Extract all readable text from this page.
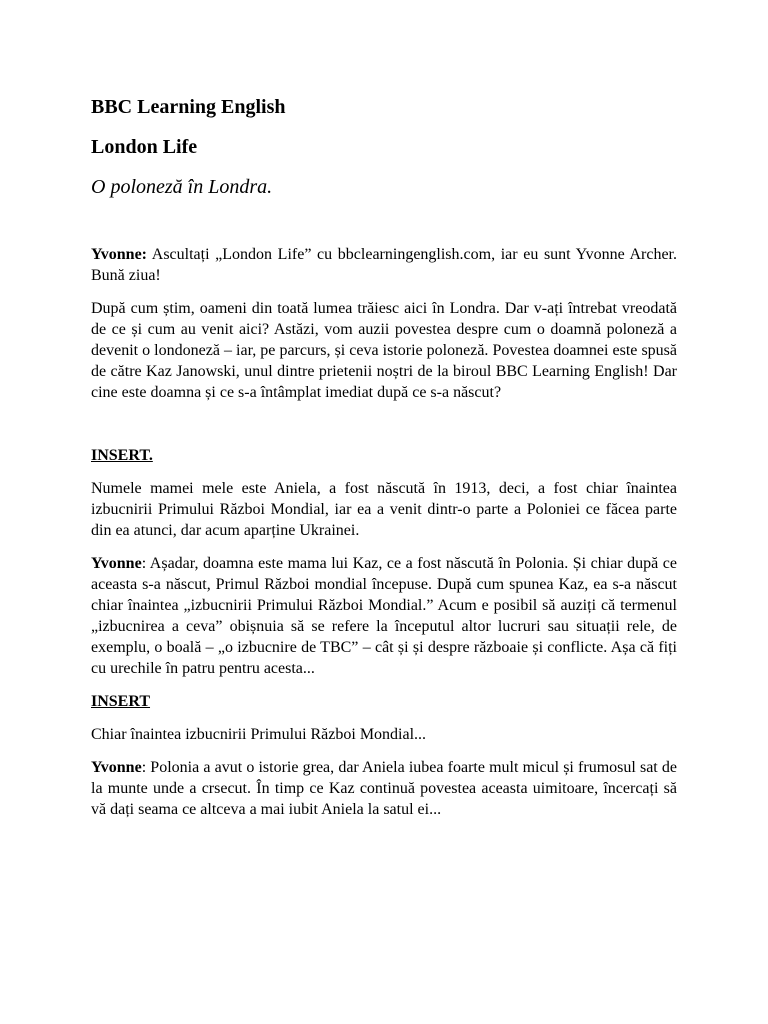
BBC Learning English
London Life
O poloneză în Londra.

Yvonne: Ascultați „London Life” cu bbclearningenglish.com, iar eu sunt Yvonne Archer. Bună ziua!

După cum știm, oameni din toată lumea trăiesc aici în Londra. Dar v-ați întrebat vreodată de ce și cum au venit aici? Astăzi, vom auzii povestea despre cum o doamnă poloneză a devenit o londoneză – iar, pe parcurs, și ceva istorie poloneză. Povestea doamnei este spusă de către Kaz Janowski, unul dintre prietenii noștri de la biroul BBC Learning English! Dar cine este doamna și ce s-a întâmplat imediat după ce s-a născut?

INSERT.

Numele mamei mele este Aniela, a fost născută în 1913, deci, a fost chiar înaintea izbucnirii Primului Război Mondial, iar ea a venit dintr-o parte a Poloniei ce făcea parte din ea atunci, dar acum aparține Ukrainei.

Yvonne: Așadar, doamna este mama lui Kaz, ce a fost născută în Polonia. Și chiar după ce aceasta s-a născut, Primul Război mondial începuse. După cum spunea Kaz, ea s-a născut chiar înaintea „izbucnirii Primului Război Mondial.” Acum e posibil să auziți că termenul „izbucnirea a ceva” obișnuia să se refere la începutul altor lucruri sau situații rele, de exemplu, o boală – „o izbucnire de TBC” – cât și și despre războaie și conflicte. Așa că fiți cu urechile în patru pentru acesta...

INSERT

Chiar înaintea izbucnirii Primului Război Mondial...

Yvonne: Polonia a avut o istorie grea, dar Aniela iubea foarte mult micul și frumosul sat de la munte unde a crsecut. În timp ce Kaz continuă povestea aceasta uimitoare, încercați să vă dați seama ce altceva a mai iubit Aniela la satul ei...
